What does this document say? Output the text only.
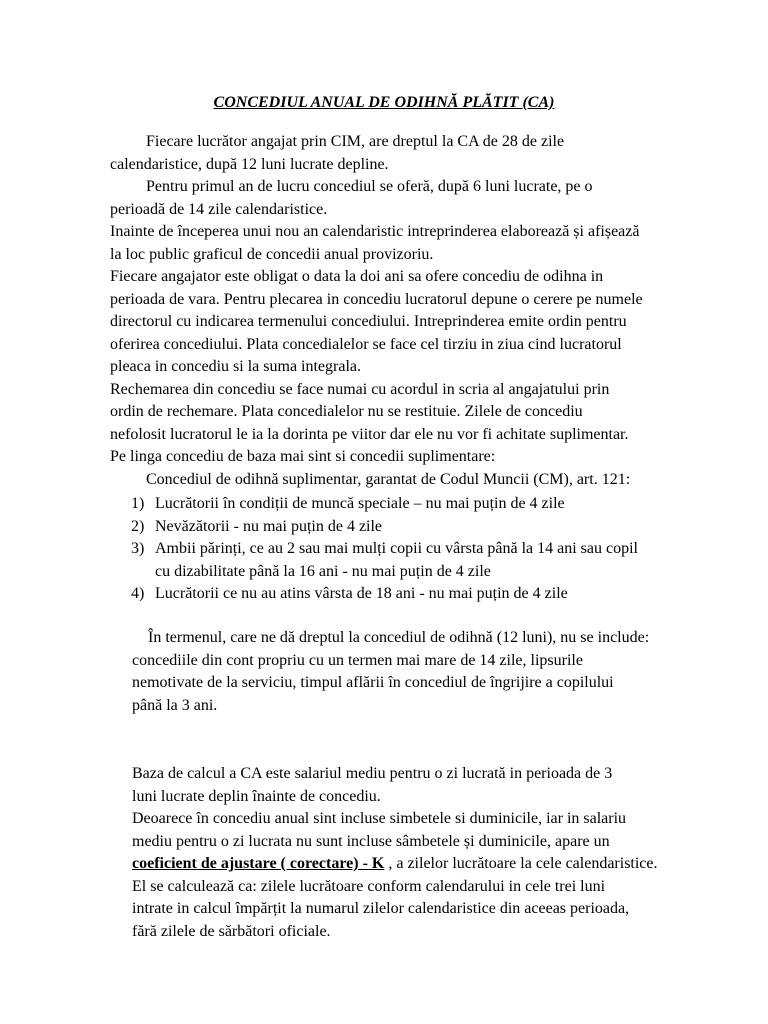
CONCEDIUL ANUAL DE ODIHNĂ PLĂTIT (CA)

Fiecare lucrător angajat prin CIM, are dreptul la CA de 28 de zile

calendaristice, după 12 luni lucrate depline.

Pentru primul an de lucru concediul se oferă, după 6 luni lucrate, pe o

perioadă de 14 zile calendaristice.

Inainte de începerea unui nou an calendaristic intreprinderea elaborează și afișează

la loc public graficul de concedii anual provizoriu.

Fiecare angajator este obligat o data la doi ani sa ofere concediu de odihna in

perioada de vara. Pentru plecarea in concediu lucratorul depune o cerere pe numele

directorul cu indicarea termenului concediului. Intreprinderea emite ordin pentru

oferirea concediului. Plata concedialelor se face cel tirziu in ziua cind lucratorul

pleaca in concediu si la suma integrala.

Rechemarea din concediu se face numai cu acordul in scria al angajatului prin

ordin de rechemare. Plata concedialelor nu se restituie. Zilele de concediu

nefolosit lucratorul le ia la dorinta pe viitor dar ele nu vor fi achitate suplimentar.

Pe linga concediu de baza mai sint si concedii suplimentare:

Concediul de odihnă suplimentar, garantat de Codul Muncii (CM), art. 121:

1) Lucrătorii în condiții de muncă speciale – nu mai puțin de 4 zile
2) Nevăzătorii - nu mai puțin de 4 zile
3) Ambii părinți, ce au 2 sau mai mulți copii cu vârsta până la 14 ani sau copil
cu dizabilitate până la 16 ani - nu mai puțin de 4 zile
4) Lucrătorii ce nu au atins vârsta de 18 ani - nu mai puțin de 4 zile

În termenul, care ne dă dreptul la concediul de odihnă (12 luni), nu se include:

concediile din cont propriu cu un termen mai mare de 14 zile, lipsurile

nemotivate de la serviciu, timpul aflării în concediul de îngrijire a copilului

până la 3 ani.

Baza de calcul a CA este salariul mediu pentru o zi lucrată in perioada de 3

luni lucrate deplin înainte de concediu.

Deoarece în concediu anual sint incluse simbetele si duminicile, iar in salariu

mediu pentru o zi lucrata nu sunt incluse sâmbetele și duminicile, apare un

coeficient de ajustare ( corectare) - K , a zilelor lucrătoare la cele calendaristice.

El se calculează ca: zilele lucrătoare conform calendarului in cele trei luni

intrate in calcul împărțit la numarul zilelor calendaristice din aceeas perioada,

fără zilele de sărbători oficiale.
